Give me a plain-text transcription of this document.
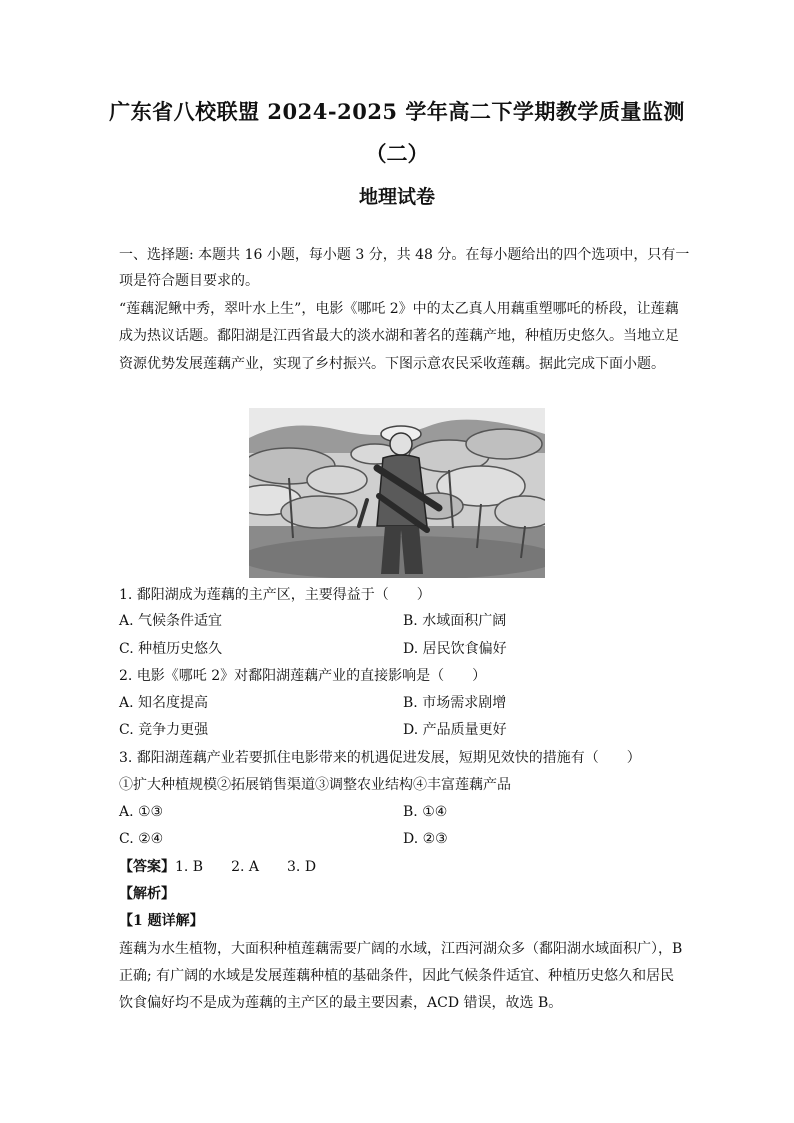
广东省八校联盟 2024-2025 学年高二下学期教学质量监测
（二）
地理试卷
一、选择题: 本题共 16 小题，每小题 3 分，共 48 分。在每小题给出的四个选项中，只有一
项是符合题目要求的。
“莲藕泥鳅中秀，翠叶水上生”，电影《哪吒 2》中的太乙真人用藕重塑哪吒的桥段，让莲藕
成为热议话题。鄱阳湖是江西省最大的淡水湖和著名的莲藕产地，种植历史悠久。当地立足
资源优势发展莲藕产业，实现了乡村振兴。下图示意农民采收莲藕。据此完成下面小题。
1. 鄱阳湖成为莲藕的主产区，主要得益于（　　）
A. 气候条件适宜	B. 水域面积广阔
C. 种植历史悠久	D. 居民饮食偏好
2. 电影《哪吒 2》对鄱阳湖莲藕产业的直接影响是（　　）
A. 知名度提高	B. 市场需求剧增
C. 竞争力更强	D. 产品质量更好
3. 鄱阳湖莲藕产业若要抓住电影带来的机遇促进发展，短期见效快的措施有（　　）
①扩大种植规模②拓展销售渠道③调整农业结构④丰富莲藕产品
A. ①③	B. ①④
C. ②④	D. ②③
【答案】1. B　　2. A　　3. D
【解析】
【1 题详解】
莲藕为水生植物，大面积种植莲藕需要广阔的水域，江西河湖众多（鄱阳湖水域面积广），B
正确; 有广阔的水域是发展莲藕种植的基础条件，因此气候条件适宜、种植历史悠久和居民
饮食偏好均不是成为莲藕的主产区的最主要因素，ACD 错误，故选 B。
